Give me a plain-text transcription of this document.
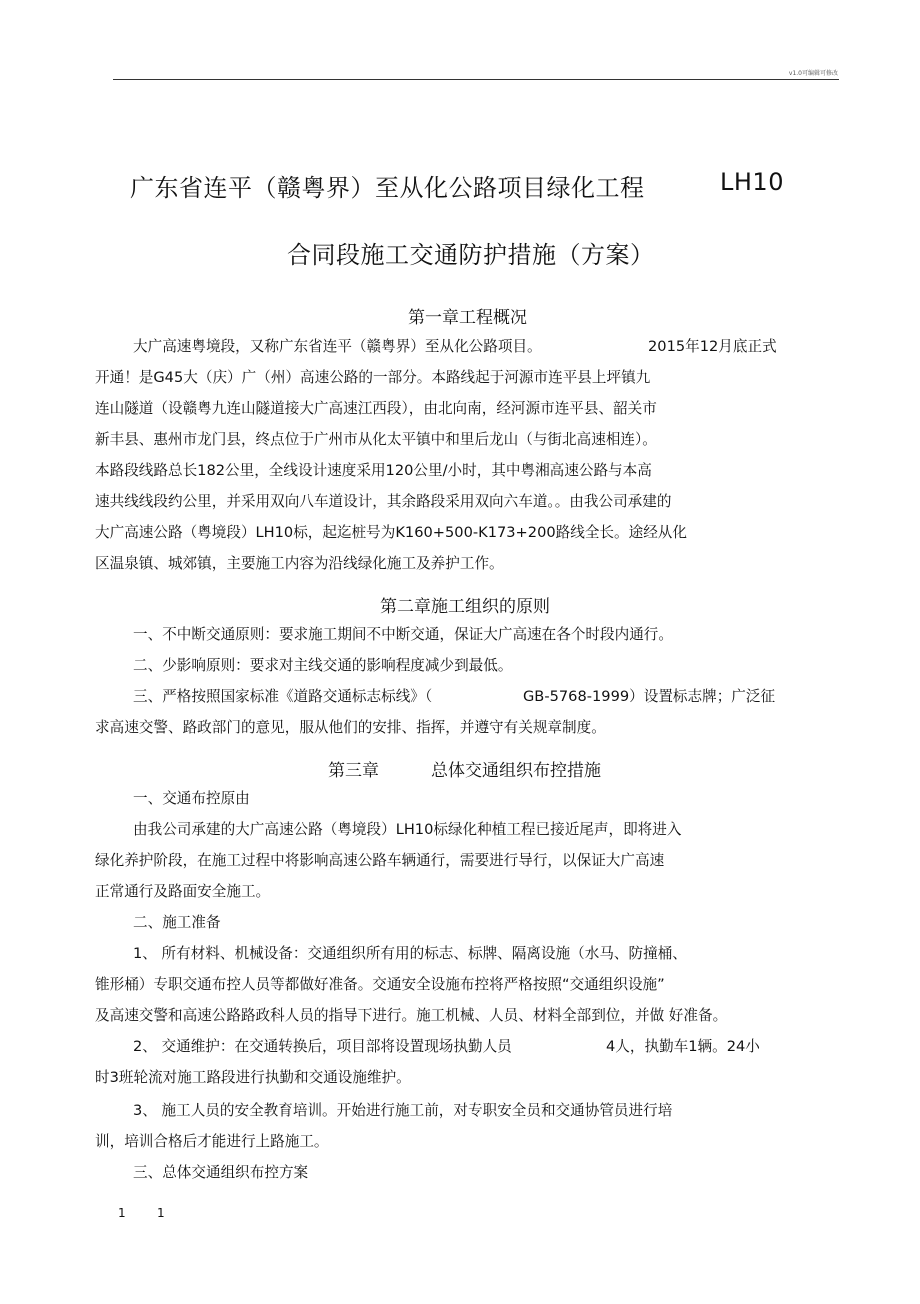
v1.0可编辑可修改
广东省连平（赣粤界）至从化公路项目绿化工程	LH10
合同段施工交通防护措施（方案）
第一章工程概况
大广高速粤境段，又称广东省连平（赣粤界）至从化公路项目。	2015年12月底正式
开通！是G45大（庆）广（州）高速公路的一部分。本路线起于河源市连平县上坪镇九
连山隧道（设赣粤九连山隧道接大广高速江西段），由北向南，经河源市连平县、韶关市
新丰县、惠州市龙门县，终点位于广州市从化太平镇中和里后龙山（与街北高速相连）。
本路段线路总长182公里，全线设计速度采用120公里/小时，其中粤湘高速公路与本高
速共线线段约公里，并采用双向八车道设计，其余路段采用双向六车道。。由我公司承建的
大广高速公路（粤境段）LH10标，起迄桩号为K160+500-K173+200路线全长。途经从化
区温泉镇、城郊镇，主要施工内容为沿线绿化施工及养护工作。
第二章施工组织的原则
一、不中断交通原则：要求施工期间不中断交通，保证大广高速在各个时段内通行。
二、少影响原则：要求对主线交通的影响程度减少到最低。
三、严格按照国家标准《道路交通标志标线》（	GB-5768-1999）设置标志牌；广泛征
求高速交警、路政部门的意见，服从他们的安排、指挥，并遵守有关规章制度。
第三章	总体交通组织布控措施
一、交通布控原由
由我公司承建的大广高速公路（粤境段）LH10标绿化种植工程已接近尾声，即将进入
绿化养护阶段，在施工过程中将影响高速公路车辆通行，需要进行导行，以保证大广高速
正常通行及路面安全施工。
二、施工准备
1、 所有材料、机械设备：交通组织所有用的标志、标牌、隔离设施（水马、防撞桶、
锥形桶）专职交通布控人员等都做好准备。交通安全设施布控将严格按照“交通组织设施”
及高速交警和高速公路路政科人员的指导下进行。施工机械、人员、材料全部到位，并做 好准备。
2、 交通维护：在交通转换后，项目部将设置现场执勤人员	4人，执勤车1辆。24小
时3班轮流对施工路段进行执勤和交通设施维护。
3、 施工人员的安全教育培训。开始进行施工前，对专职安全员和交通协管员进行培
训，培训合格后才能进行上路施工。
三、总体交通组织布控方案
1	1
